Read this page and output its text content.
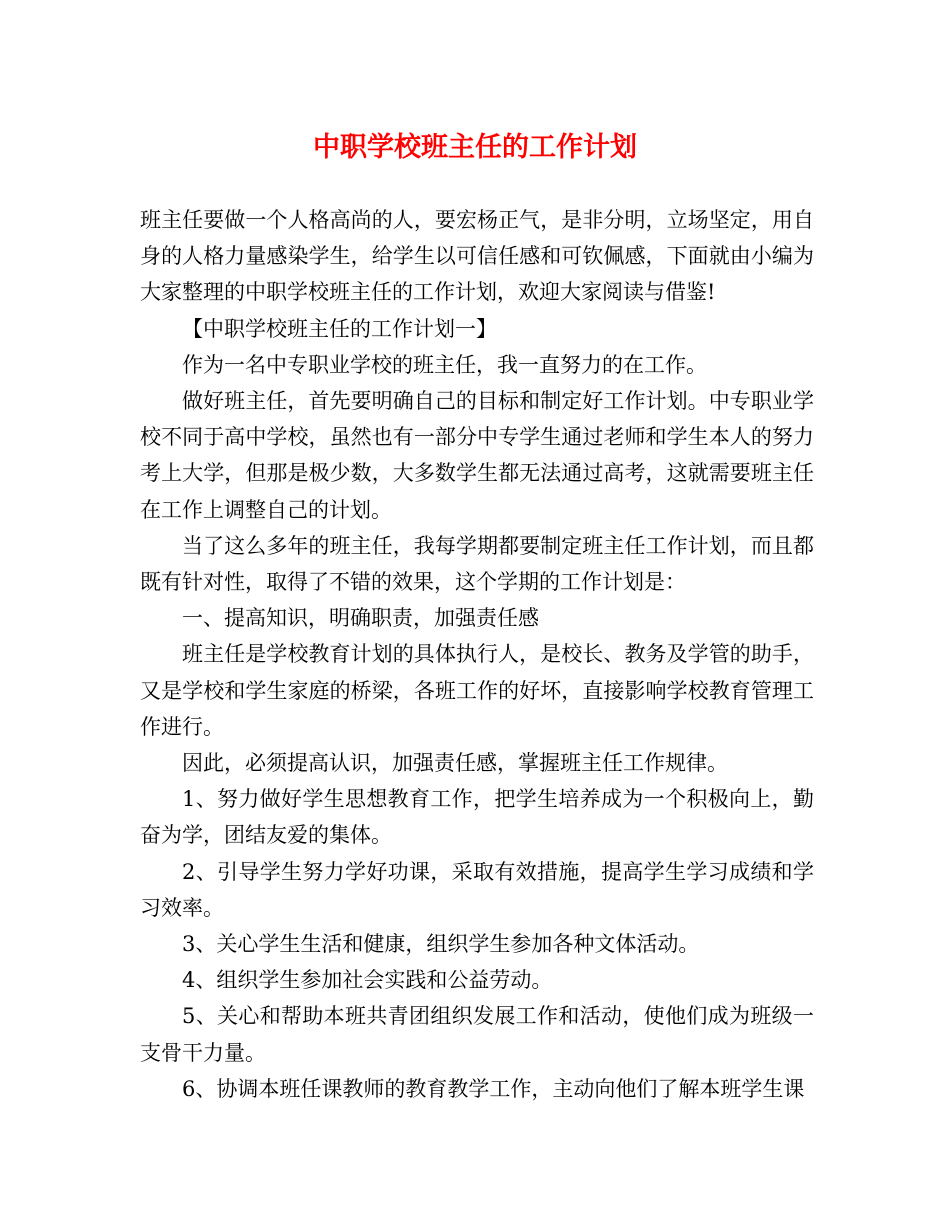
中职学校班主任的工作计划

班主任要做一个人格高尚的人，要宏杨正气，是非分明，立场坚定，用自身的人格力量感染学生，给学生以可信任感和可钦佩感，下面就由小编为大家整理的中职学校班主任的工作计划，欢迎大家阅读与借鉴!

【中职学校班主任的工作计划一】

作为一名中专职业学校的班主任，我一直努力的在工作。

做好班主任，首先要明确自己的目标和制定好工作计划。中专职业学校不同于高中学校，虽然也有一部分中专学生通过老师和学生本人的努力考上大学，但那是极少数，大多数学生都无法通过高考，这就需要班主任在工作上调整自己的计划。

当了这么多年的班主任，我每学期都要制定班主任工作计划，而且都既有针对性，取得了不错的效果，这个学期的工作计划是：

一、提高知识，明确职责，加强责任感

班主任是学校教育计划的具体执行人，是校长、教务及学管的助手，又是学校和学生家庭的桥梁，各班工作的好坏，直接影响学校教育管理工作进行。

因此，必须提高认识，加强责任感，掌握班主任工作规律。

1、努力做好学生思想教育工作，把学生培养成为一个积极向上，勤奋为学，团结友爱的集体。

2、引导学生努力学好功课，采取有效措施，提高学生学习成绩和学习效率。

3、关心学生生活和健康，组织学生参加各种文体活动。

4、组织学生参加社会实践和公益劳动。

5、关心和帮助本班共青团组织发展工作和活动，使他们成为班级一支骨干力量。

6、协调本班任课教师的教育教学工作，主动向他们了解本班学生课
